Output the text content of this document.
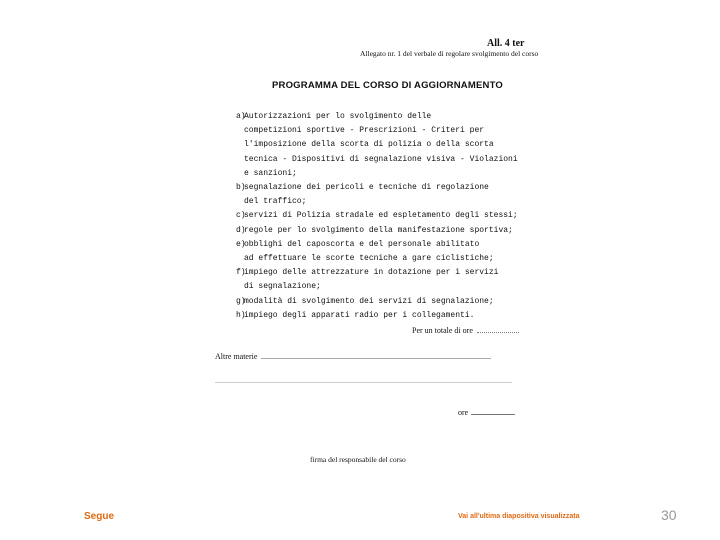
All. 4 ter
Allegato nr. 1 del verbale di regolare svolgimento del corso
PROGRAMMA DEL CORSO DI AGGIORNAMENTO
a)
Autorizzazioni per lo svolgimento delle
competizioni sportive - Prescrizioni - Criteri per
l'imposizione della scorta di polizia o della scorta
tecnica - Dispositivi di segnalazione visiva - Violazioni
e sanzioni;
b)
segnalazione dei pericoli e tecniche di regolazione
del traffico;
c)
servizi di Polizia stradale ed espletamento degli stessi;
d)
regole per lo svolgimento della manifestazione sportiva;
e)
obblighi del caposcorta e del personale abilitato
ad effettuare le scorte tecniche a gare ciclistiche;
f)
impiego delle attrezzature in dotazione per i servizi
di segnalazione;
g)
modalità di svolgimento dei servizi di segnalazione;
h)
impiego degli apparati radio per i collegamenti.
Per un totale di ore
Altre materie
ore
firma del responsabile del corso
Segue	Vai all'ultima diapositiva visualizzata	30
